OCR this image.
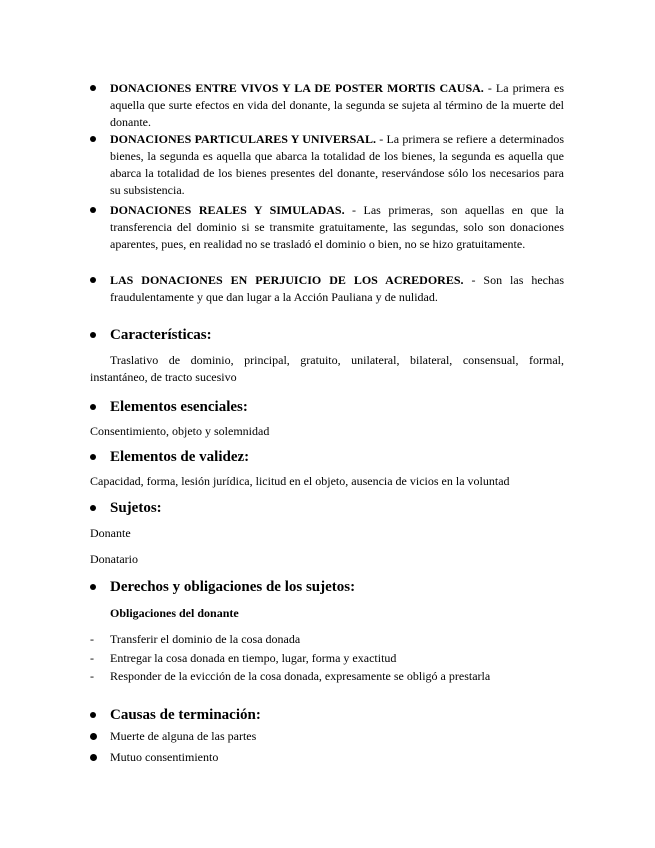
DONACIONES ENTRE VIVOS Y LA DE POSTER MORTIS CAUSA. - La primera es aquella que surte efectos en vida del donante, la segunda se sujeta al término de la muerte del donante.
DONACIONES PARTICULARES Y UNIVERSAL. - La primera se refiere a determinados bienes, la segunda es aquella que abarca la totalidad de los bienes, la segunda es aquella que abarca la totalidad de los bienes presentes del donante, reservándose sólo los necesarios para su subsistencia.
DONACIONES REALES Y SIMULADAS. - Las primeras, son aquellas en que la transferencia del dominio si se transmite gratuitamente, las segundas, solo son donaciones aparentes, pues, en realidad no se trasladó el dominio o bien, no se hizo gratuitamente.
LAS DONACIONES EN PERJUICIO DE LOS ACREDORES. - Son las hechas fraudulentamente y que dan lugar a la Acción Pauliana y de nulidad.
Características:
Traslativo de dominio, principal, gratuito, unilateral, bilateral, consensual, formal, instantáneo, de tracto sucesivo
Elementos esenciales:
Consentimiento, objeto y solemnidad
Elementos de validez:
Capacidad, forma, lesión jurídica, licitud en el objeto, ausencia de vicios en la voluntad
Sujetos:
Donante
Donatario
Derechos y obligaciones de los sujetos:
Obligaciones del donante
- Transferir el dominio de la cosa donada
- Entregar la cosa donada en tiempo, lugar, forma y exactitud
- Responder de la evicción de la cosa donada, expresamente se obligó a prestarla
Causas de terminación:
Muerte de alguna de las partes
Mutuo consentimiento
